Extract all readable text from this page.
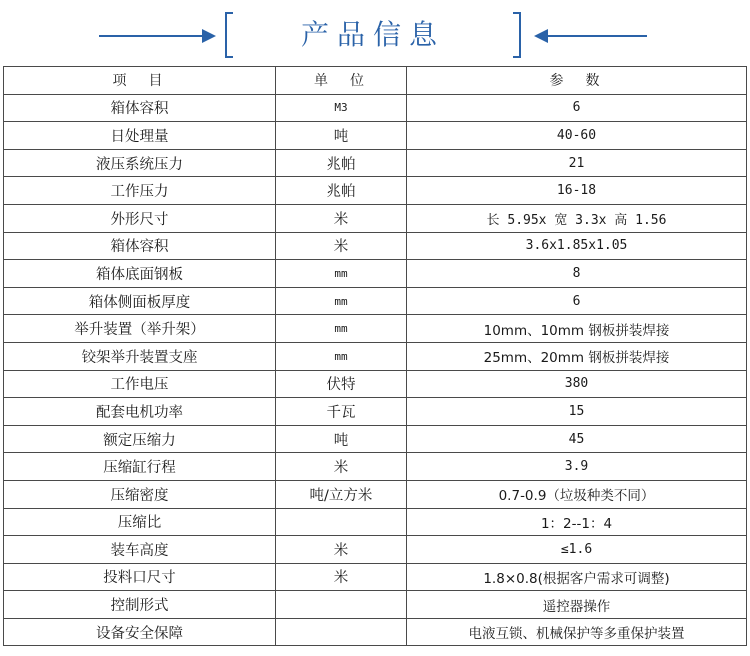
产品信息
项　目	单　位	参　数
箱体容积	M3	6
日处理量	吨	40-60
液压系统压力	兆帕	21
工作压力	兆帕	16-18
外形尺寸	米	长 5.95x 宽 3.3x 高 1.56
箱体容积	米	3.6x1.85x1.05
箱体底面钢板	mm	8
箱体侧面板厚度	mm	6
举升装置（举升架）	mm	10mm、10mm 钢板拼装焊接
铰架举升装置支座	mm	25mm、20mm 钢板拼装焊接
工作电压	伏特	380
配套电机功率	千瓦	15
额定压缩力	吨	45
压缩缸行程	米	3.9
压缩密度	吨/立方米	0.7-0.9（垃圾种类不同）
压缩比		1：2--1：4
装车高度	米	≤1.6
投料口尺寸	米	1.8×0.8(根据客户需求可调整)
控制形式		遥控器操作
设备安全保障		电液互锁、机械保护等多重保护装置
